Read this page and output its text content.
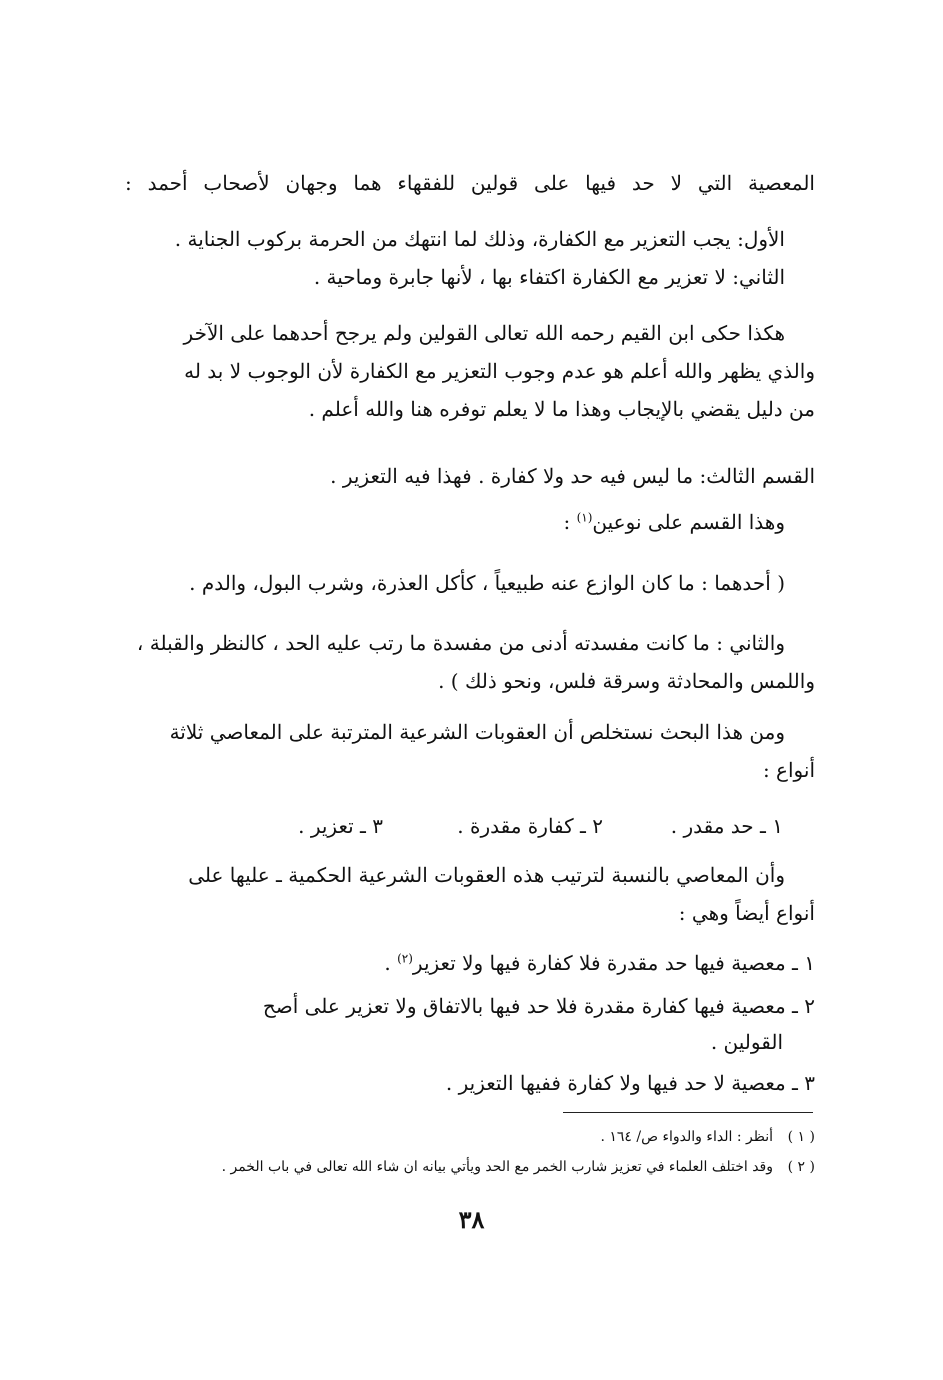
المعصية التي لا حد فيها على قولين للفقهاء هما وجهان لأصحاب أحمد :
الأول: يجب التعزير مع الكفارة، وذلك لما انتهك من الحرمة بركوب الجناية .
الثاني: لا تعزير مع الكفارة اكتفاء بها ، لأنها جابرة وماحية .
هكذا حكى ابن القيم رحمه الله تعالى القولين ولم يرجح أحدهما على الآخر
والذي يظهر والله أعلم هو عدم وجوب التعزير مع الكفارة لأن الوجوب لا بد له
من دليل يقضي بالإيجاب وهذا ما لا يعلم توفره هنا والله أعلم .
القسم الثالث: ما ليس فيه حد ولا كفارة . فهذا فيه التعزير .
وهذا القسم على نوعين$^{(١)}$ :
( أحدهما : ما كان الوازع عنه طبيعياً ، كأكل العذرة، وشرب البول، والدم .
والثاني : ما كانت مفسدته أدنى من مفسدة ما رتب عليه الحد ، كالنظر والقبلة ،
واللمس والمحادثة وسرقة فلس، ونحو ذلك ) .
ومن هذا البحث نستخلص أن العقوبات الشرعية المترتبة على المعاصي ثلاثة
أنواع :
١ ـ حد مقدر .
٢ ـ كفارة مقدرة .
٣ ـ تعزير .
وأن المعاصي بالنسبة لترتيب هذه العقوبات الشرعية الحكمية ـ عليها على
أنواع أيضاً وهي :
١ ـ معصية فيها حد مقدرة فلا كفارة فيها ولا تعزير$^{(٢)}$ .
٢ ـ معصية فيها كفارة مقدرة فلا حد فيها بالاتفاق ولا تعزير على أصح
القولين .
٣ ـ معصية لا حد فيها ولا كفارة ففيها التعزير .
( ١ )أنظر : الداء والدواء ص/ ١٦٤ .
( ٢ )وقد اختلف العلماء في تعزيز شارب الخمر مع الحد ويأتي بيانه ان شاء الله تعالى في باب الخمر .
٣٨
